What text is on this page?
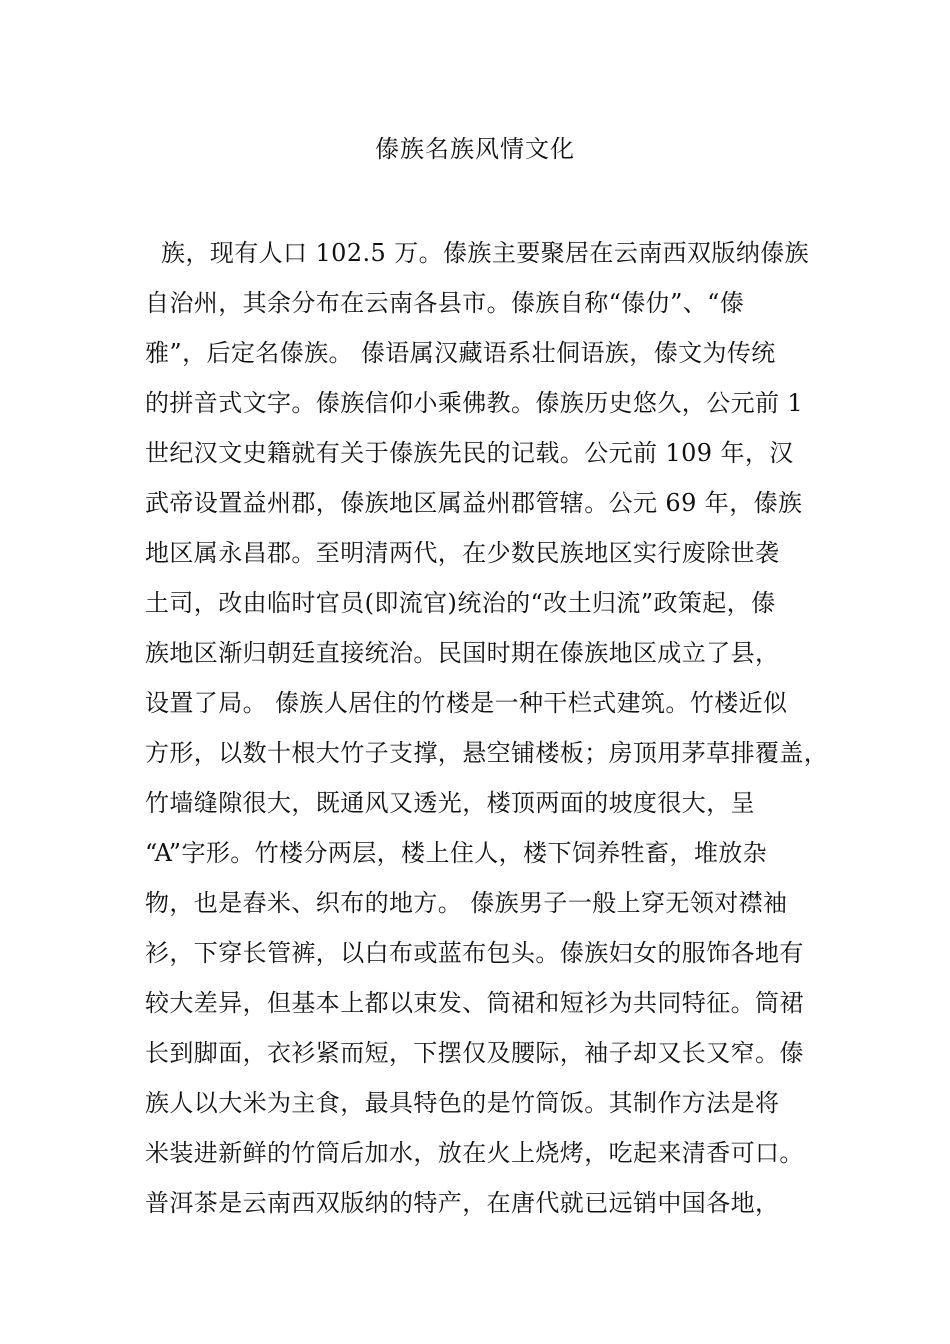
傣族名族风情文化
族，现有人口 102.5 万。傣族主要聚居在云南西双版纳傣族
自治州，其余分布在云南各县市。傣族自称“傣仂”、“傣
雅”，后定名傣族。 傣语属汉藏语系壮侗语族，傣文为传统
的拼音式文字。傣族信仰小乘佛教。傣族历史悠久，公元前 1
世纪汉文史籍就有关于傣族先民的记载。公元前 109 年，汉
武帝设置益州郡，傣族地区属益州郡管辖。公元 69 年，傣族
地区属永昌郡。至明清两代，在少数民族地区实行废除世袭
土司，改由临时官员(即流官)统治的“改土归流”政策起，傣
族地区渐归朝廷直接统治。民国时期在傣族地区成立了县，
设置了局。 傣族人居住的竹楼是一种干栏式建筑。竹楼近似
方形，以数十根大竹子支撑，悬空铺楼板；房顶用茅草排覆盖，
竹墙缝隙很大，既通风又透光，楼顶两面的坡度很大，呈
“A”字形。竹楼分两层，楼上住人，楼下饲养牲畜，堆放杂
物，也是舂米、织布的地方。 傣族男子一般上穿无领对襟袖
衫，下穿长管裤，以白布或蓝布包头。傣族妇女的服饰各地有
较大差异，但基本上都以束发、筒裙和短衫为共同特征。筒裙
长到脚面，衣衫紧而短，下摆仅及腰际，袖子却又长又窄。傣
族人以大米为主食，最具特色的是竹筒饭。其制作方法是将
米装进新鲜的竹筒后加水，放在火上烧烤，吃起来清香可口。
普洱茶是云南西双版纳的特产，在唐代就已远销中国各地，
